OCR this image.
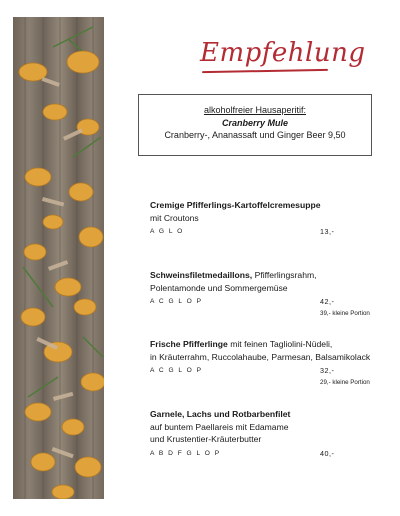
Empfehlung
alkoholfreier Hausaperitif:
Cranberry Mule
Cranberry-, Ananassaft und Ginger Beer 9,50
Cremige Pfifferlings-Kartoffelcremesuppe
mit Croutons
A G L O	13,-
Schweinsfiletmedaillons, Pfifferlingsrahm,
Polentamonde und Sommergemüse
A C G L O P	42,-
39,- kleine Portion
Frische Pfifferlinge mit feinen Tagliolini-Nüdeli,
in Kräuterrahm, Ruccolahaube, Parmesan, Balsamikolack
A C G L O P	32,-
29,- kleine Portion
Garnele, Lachs und Rotbarbenfilet
auf buntem Paellareis mit Edamame
und Krustentier-Kräuterbutter
A B D F G L O P	40,-
